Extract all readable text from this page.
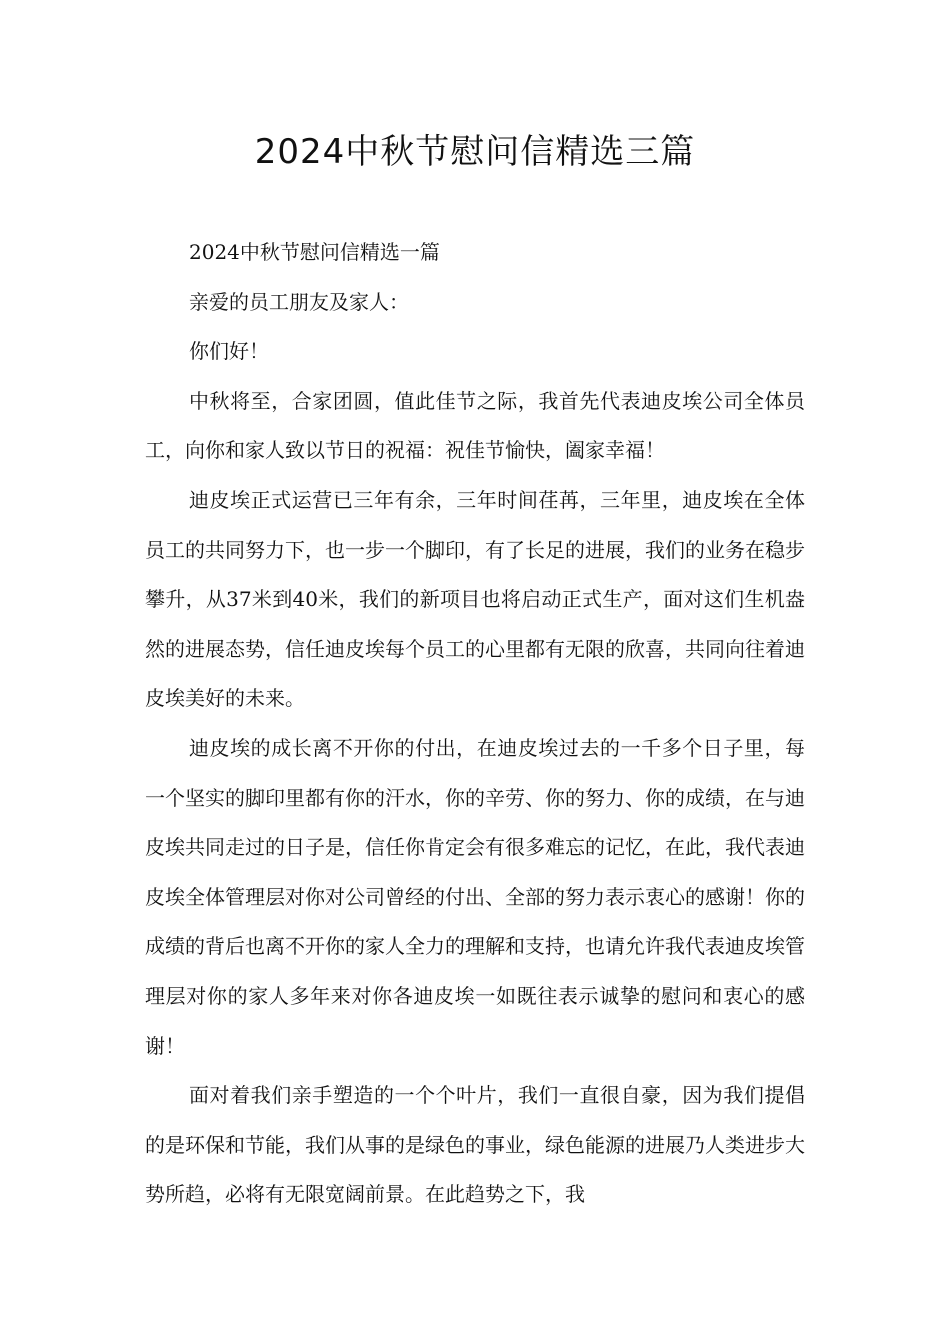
2024中秋节慰问信精选三篇

2024中秋节慰问信精选一篇

亲爱的员工朋友及家人：

你们好！

中秋将至，合家团圆，值此佳节之际，我首先代表迪皮埃公司全体员工，向你和家人致以节日的祝福：祝佳节愉快，阖家幸福！

迪皮埃正式运营已三年有余，三年时间荏苒，三年里，迪皮埃在全体员工的共同努力下，也一步一个脚印，有了长足的进展，我们的业务在稳步攀升，从37米到40米，我们的新项目也将启动正式生产，面对这们生机盎然的进展态势，信任迪皮埃每个员工的心里都有无限的欣喜，共同向往着迪皮埃美好的未来。

迪皮埃的成长离不开你的付出，在迪皮埃过去的一千多个日子里，每一个坚实的脚印里都有你的汗水，你的辛劳、你的努力、你的成绩，在与迪皮埃共同走过的日子是，信任你肯定会有很多难忘的记忆，在此，我代表迪皮埃全体管理层对你对公司曾经的付出、全部的努力表示衷心的感谢！你的成绩的背后也离不开你的家人全力的理解和支持，也请允许我代表迪皮埃管理层对你的家人多年来对你各迪皮埃一如既往表示诚挚的慰问和衷心的感谢！

面对着我们亲手塑造的一个个叶片，我们一直很自豪，因为我们提倡的是环保和节能，我们从事的是绿色的事业，绿色能源的进展乃人类进步大势所趋，必将有无限宽阔前景。在此趋势之下，我
